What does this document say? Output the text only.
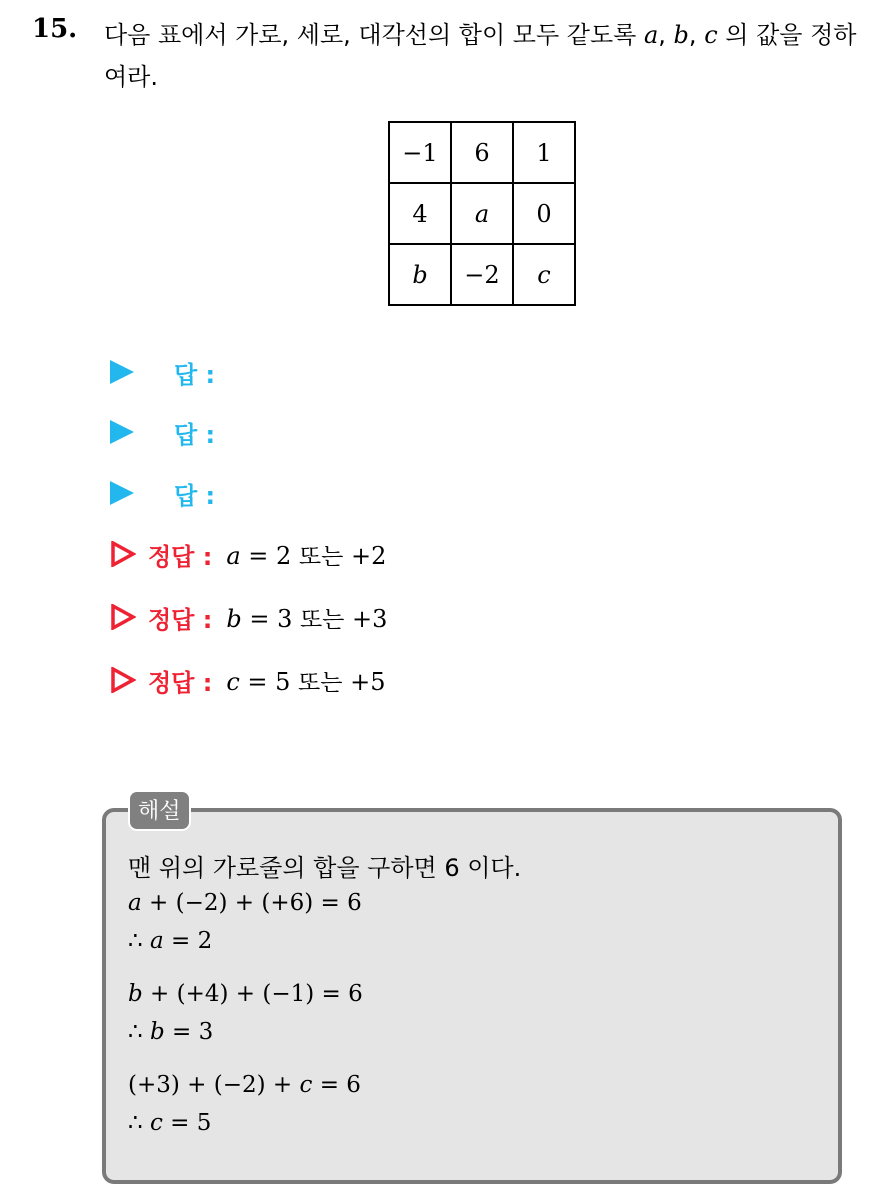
15. 다음 표에서 가로, 세로, 대각선의 합이 모두 같도록 a, b, c 의 값을 정하여라.
−1	6	1
4	a	0
b	−2	c
답 :
답 :
답 :
정답 : a = 2 또는 +2
정답 : b = 3 또는 +3
정답 : c = 5 또는 +5
해설
맨 위의 가로줄의 합을 구하면 6 이다.
a + (−2) + (+6) = 6
∴ a = 2
b + (+4) + (−1) = 6
∴ b = 3
(+3) + (−2) + c = 6
∴ c = 5
